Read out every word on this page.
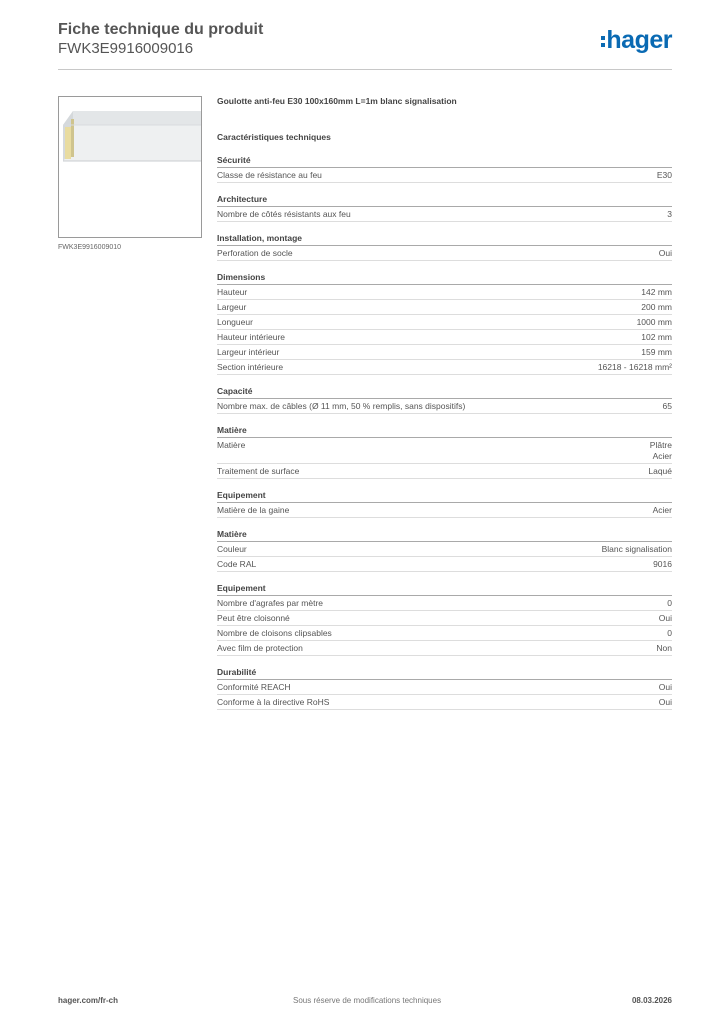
Fiche technique du produit
FWK3E9916009016	hager
FWK3E9916009010
Goulotte anti-feu E30 100x160mm L=1m blanc signalisation
Caractéristiques techniques
Sécurité
Classe de résistance au feu	E30
Architecture
Nombre de côtés résistants aux feu	3
Installation, montage
Perforation de socle	Oui
Dimensions
Hauteur	142 mm
Largeur	200 mm
Longueur	1000 mm
Hauteur intérieure	102 mm
Largeur intérieur	159 mm
Section intérieure	16218 - 16218 mm²
Capacité
Nombre max. de câbles (Ø 11 mm, 50 % remplis, sans dispositifs)	65
Matière
Matière	Plâtre
Acier
Traitement de surface	Laqué
Equipement
Matière de la gaine	Acier
Matière
Couleur	Blanc signalisation
Code RAL	9016
Equipement
Nombre d'agrafes par mètre	0
Peut être cloisonné	Oui
Nombre de cloisons clipsables	0
Avec film de protection	Non
Durabilité
Conformité REACH	Oui
Conforme à la directive RoHS	Oui
hager.com/fr-ch	Sous réserve de modifications techniques	08.03.2026
